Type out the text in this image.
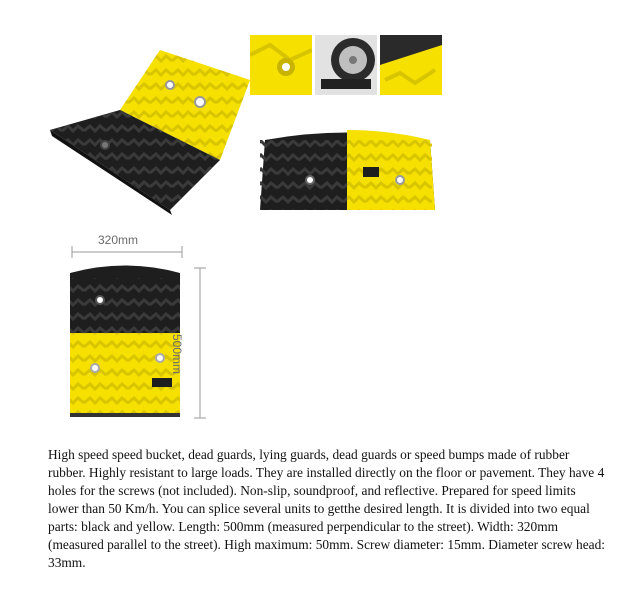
320mm
500mm

High speed speed bucket, dead guards, lying guards, dead guards or speed bumps made of rubber rubber. Highly resistant to large loads. They are installed directly on the floor or pavement. They have 4 holes for the screws (not included). Non-slip, soundproof, and reflective. Prepared for speed limits lower than 50 Km/h. You can splice several units to getthe desired length. It is divided into two equal parts: black and yellow. Length: 500mm (measured perpendicular to the street). Width: 320mm (measured parallel to the street). High maximum: 50mm. Screw diameter: 15mm. Diameter screw head: 33mm.
